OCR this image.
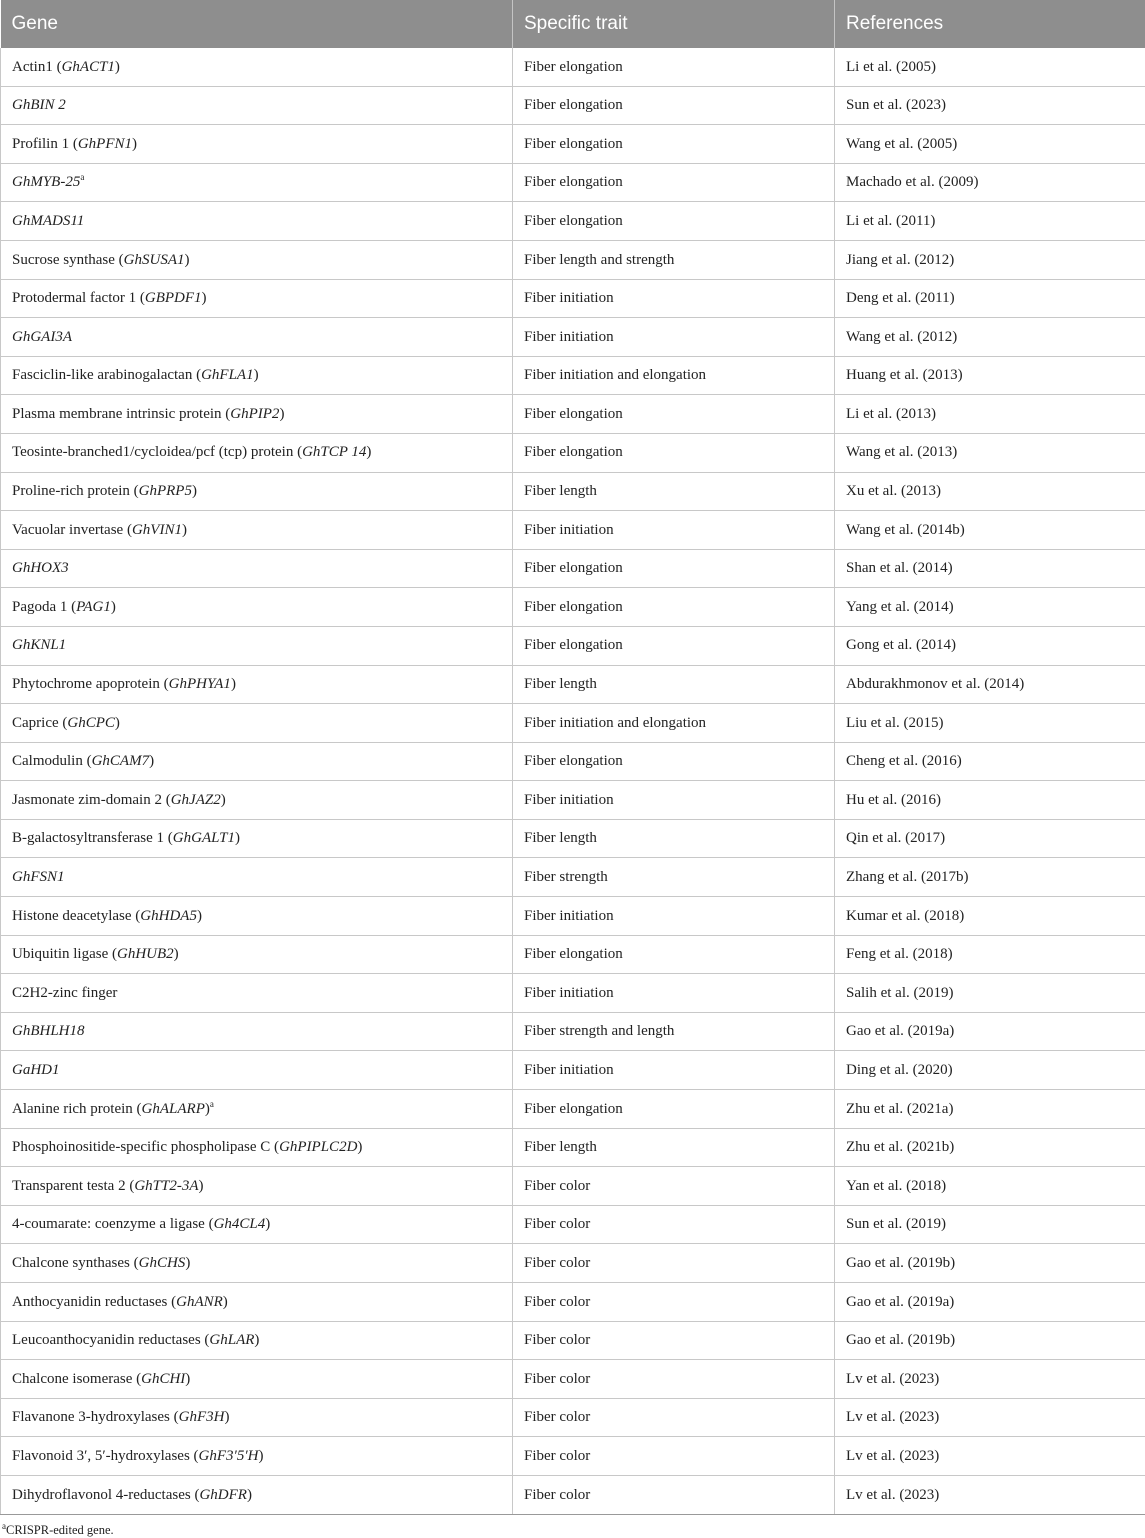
Gene	Specific trait	References
Actin1 (GhACT1)	Fiber elongation	Li et al. (2005)
GhBIN 2	Fiber elongation	Sun et al. (2023)
Profilin 1 (GhPFN1)	Fiber elongation	Wang et al. (2005)
GhMYB-25$^a$	Fiber elongation	Machado et al. (2009)
GhMADS11	Fiber elongation	Li et al. (2011)
Sucrose synthase (GhSUSA1)	Fiber length and strength	Jiang et al. (2012)
Protodermal factor 1 (GBPDF1)	Fiber initiation	Deng et al. (2011)
GhGAI3A	Fiber initiation	Wang et al. (2012)
Fasciclin-like arabinogalactan (GhFLA1)	Fiber initiation and elongation	Huang et al. (2013)
Plasma membrane intrinsic protein (GhPIP2)	Fiber elongation	Li et al. (2013)
Teosinte-branched1/cycloidea/pcf (tcp) protein (GhTCP 14)	Fiber elongation	Wang et al. (2013)
Proline-rich protein (GhPRP5)	Fiber length	Xu et al. (2013)
Vacuolar invertase (GhVIN1)	Fiber initiation	Wang et al. (2014b)
GhHOX3	Fiber elongation	Shan et al. (2014)
Pagoda 1 (PAG1)	Fiber elongation	Yang et al. (2014)
GhKNL1	Fiber elongation	Gong et al. (2014)
Phytochrome apoprotein (GhPHYA1)	Fiber length	Abdurakhmonov et al. (2014)
Caprice (GhCPC)	Fiber initiation and elongation	Liu et al. (2015)
Calmodulin (GhCAM7)	Fiber elongation	Cheng et al. (2016)
Jasmonate zim-domain 2 (GhJAZ2)	Fiber initiation	Hu et al. (2016)
B-galactosyltransferase 1 (GhGALT1)	Fiber length	Qin et al. (2017)
GhFSN1	Fiber strength	Zhang et al. (2017b)
Histone deacetylase (GhHDA5)	Fiber initiation	Kumar et al. (2018)
Ubiquitin ligase (GhHUB2)	Fiber elongation	Feng et al. (2018)
C2H2-zinc finger	Fiber initiation	Salih et al. (2019)
GhBHLH18	Fiber strength and length	Gao et al. (2019a)
GaHD1	Fiber initiation	Ding et al. (2020)
Alanine rich protein (GhALARP)$^a$	Fiber elongation	Zhu et al. (2021a)
Phosphoinositide-specific phospholipase C (GhPIPLC2D)	Fiber length	Zhu et al. (2021b)
Transparent testa 2 (GhTT2-3A)	Fiber color	Yan et al. (2018)
4-coumarate: coenzyme a ligase (Gh4CL4)	Fiber color	Sun et al. (2019)
Chalcone synthases (GhCHS)	Fiber color	Gao et al. (2019b)
Anthocyanidin reductases (GhANR)	Fiber color	Gao et al. (2019a)
Leucoanthocyanidin reductases (GhLAR)	Fiber color	Gao et al. (2019b)
Chalcone isomerase (GhCHI)	Fiber color	Lv et al. (2023)
Flavanone 3-hydroxylases (GhF3H)	Fiber color	Lv et al. (2023)
Flavonoid 3′, 5′-hydroxylases (GhF3′5′H)	Fiber color	Lv et al. (2023)
Dihydroflavonol 4-reductases (GhDFR)	Fiber color	Lv et al. (2023)
$^a$CRISPR-edited gene.
